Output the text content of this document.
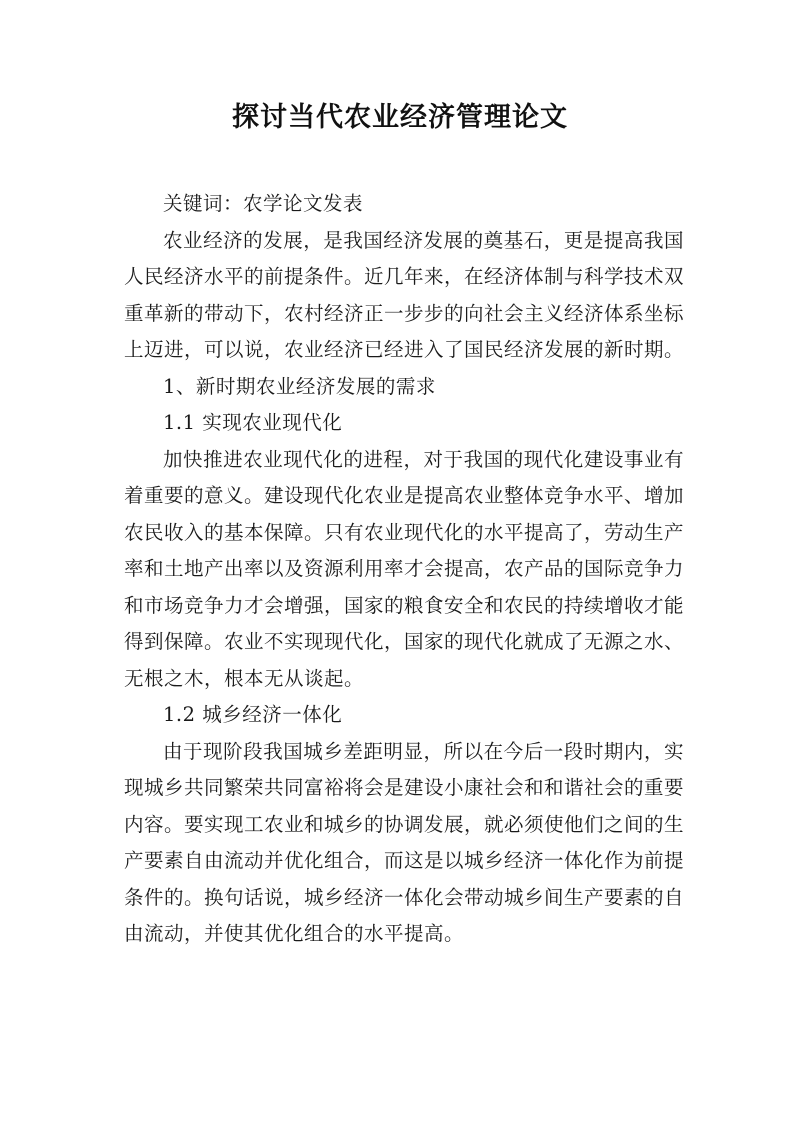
探讨当代农业经济管理论文

关键词：农学论文发表

农业经济的发展，是我国经济发展的奠基石，更是提高我国人民经济水平的前提条件。近几年来，在经济体制与科学技术双重革新的带动下，农村经济正一步步的向社会主义经济体系坐标上迈进，可以说，农业经济已经进入了国民经济发展的新时期。

1、新时期农业经济发展的需求

1.1 实现农业现代化

加快推进农业现代化的进程，对于我国的现代化建设事业有着重要的意义。建设现代化农业是提高农业整体竞争水平、增加农民收入的基本保障。只有农业现代化的水平提高了，劳动生产率和土地产出率以及资源利用率才会提高，农产品的国际竞争力和市场竞争力才会增强，国家的粮食安全和农民的持续增收才能得到保障。农业不实现现代化，国家的现代化就成了无源之水、无根之木，根本无从谈起。

1.2 城乡经济一体化

由于现阶段我国城乡差距明显，所以在今后一段时期内，实现城乡共同繁荣共同富裕将会是建设小康社会和和谐社会的重要内容。要实现工农业和城乡的协调发展，就必须使他们之间的生产要素自由流动并优化组合，而这是以城乡经济一体化作为前提条件的。换句话说，城乡经济一体化会带动城乡间生产要素的自由流动，并使其优化组合的水平提高。
